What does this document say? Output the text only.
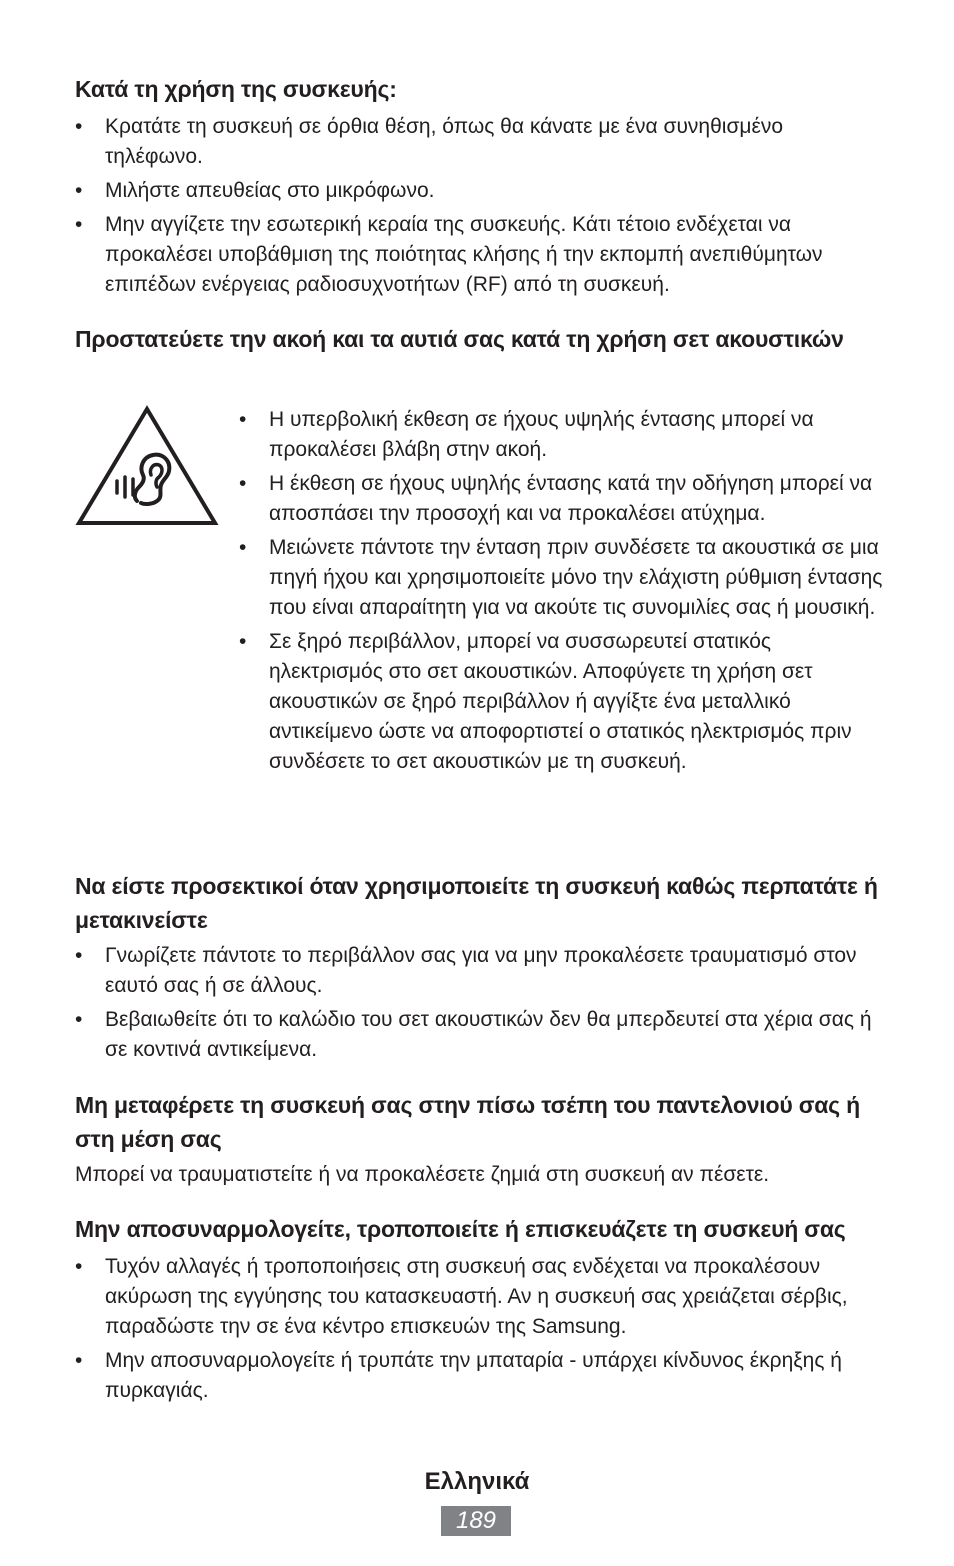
Κατά τη χρήση της συσκευής:
• Κρατάτε τη συσκευή σε όρθια θέση, όπως θα κάνατε με ένα συνηθισμένο τηλέφωνο.
• Μιλήστε απευθείας στο μικρόφωνο.
• Μην αγγίζετε την εσωτερική κεραία της συσκευής. Κάτι τέτοιο ενδέχεται να προκαλέσει υποβάθμιση της ποιότητας κλήσης ή την εκπομπή ανεπιθύμητων επιπέδων ενέργειας ραδιοσυχνοτήτων (RF) από τη συσκευή.
Προστατεύετε την ακοή και τα αυτιά σας κατά τη χρήση σετ ακουστικών
• Η υπερβολική έκθεση σε ήχους υψηλής έντασης μπορεί να προκαλέσει βλάβη στην ακοή.
• Η έκθεση σε ήχους υψηλής έντασης κατά την οδήγηση μπορεί να αποσπάσει την προσοχή και να προκαλέσει ατύχημα.
• Μειώνετε πάντοτε την ένταση πριν συνδέσετε τα ακουστικά σε μια πηγή ήχου και χρησιμοποιείτε μόνο την ελάχιστη ρύθμιση έντασης που είναι απαραίτητη για να ακούτε τις συνομιλίες σας ή μουσική.
• Σε ξηρό περιβάλλον, μπορεί να συσσωρευτεί στατικός ηλεκτρισμός στο σετ ακουστικών. Αποφύγετε τη χρήση σετ ακουστικών σε ξηρό περιβάλλον ή αγγίξτε ένα μεταλλικό αντικείμενο ώστε να αποφορτιστεί ο στατικός ηλεκτρισμός πριν συνδέσετε το σετ ακουστικών με τη συσκευή.
Να είστε προσεκτικοί όταν χρησιμοποιείτε τη συσκευή καθώς περπατάτε ή μετακινείστε
• Γνωρίζετε πάντοτε το περιβάλλον σας για να μην προκαλέσετε τραυματισμό στον εαυτό σας ή σε άλλους.
• Βεβαιωθείτε ότι το καλώδιο του σετ ακουστικών δεν θα μπερδευτεί στα χέρια σας ή σε κοντινά αντικείμενα.
Μη μεταφέρετε τη συσκευή σας στην πίσω τσέπη του παντελονιού σας ή στη μέση σας

Μπορεί να τραυματιστείτε ή να προκαλέσετε ζημιά στη συσκευή αν πέσετε.

Μην αποσυναρμολογείτε, τροποποιείτε ή επισκευάζετε τη συσκευή σας
• Τυχόν αλλαγές ή τροποποιήσεις στη συσκευή σας ενδέχεται να προκαλέσουν ακύρωση της εγγύησης του κατασκευαστή. Αν η συσκευή σας χρειάζεται σέρβις, παραδώστε την σε ένα κέντρο επισκευών της Samsung.
• Μην αποσυναρμολογείτε ή τρυπάτε την μπαταρία - υπάρχει κίνδυνος έκρηξης ή πυρκαγιάς.
Ελληνικά
189
